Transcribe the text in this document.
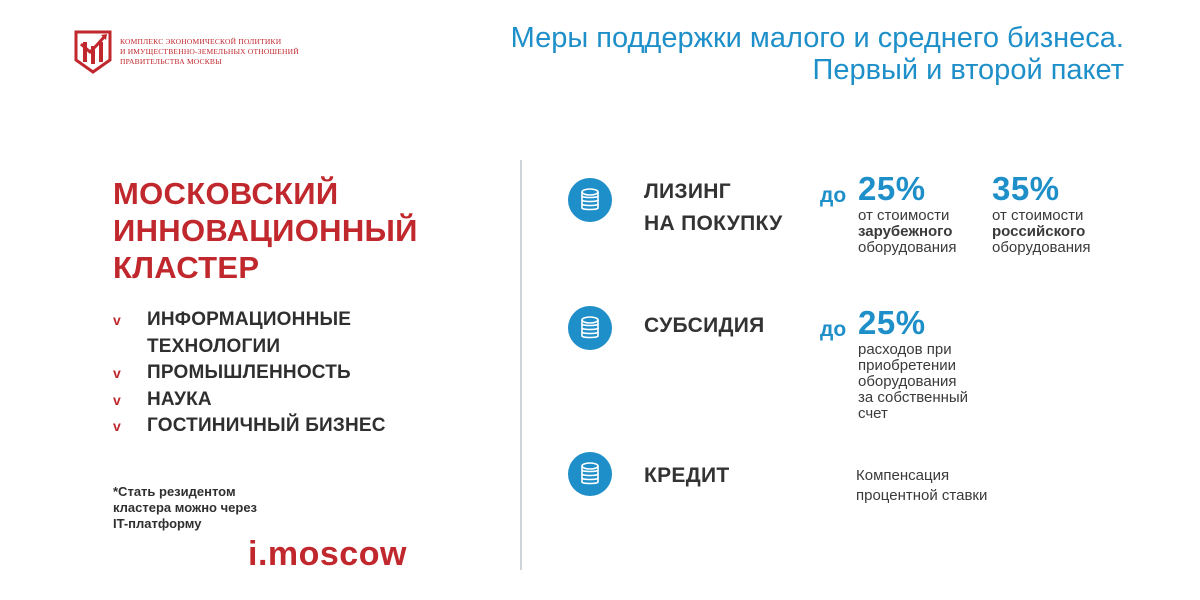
КОМПЛЕКС ЭКОНОМИЧЕСКОЙ ПОЛИТИКИ
И ИМУЩЕСТВЕННО-ЗЕМЕЛЬНЫХ ОТНОШЕНИЙ
ПРАВИТЕЛЬСТВА МОСКВЫ
Меры поддержки малого и среднего бизнеса.
Первый и второй пакет
МОСКОВСКИЙ
ИННОВАЦИОННЫЙ
КЛАСТЕР
v	ИНФОРМАЦИОННЫЕ
ТЕХНОЛОГИИ
v	ПРОМЫШЛЕННОСТЬ
v	НАУКА
v	ГОСТИНИЧНЫЙ БИЗНЕС
*Стать резидентом
кластера можно через
IT-платформу
i.moscow
ЛИЗИНГ
НА ПОКУПКУ
до 25%
от стоимости
зарубежного
оборудования
35%
от стоимости
российского
оборудования
СУБСИДИЯ	до 25%
расходов при
приобретении
оборудования
за собственный
счет
КРЕДИТ	Компенсация
процентной ставки
